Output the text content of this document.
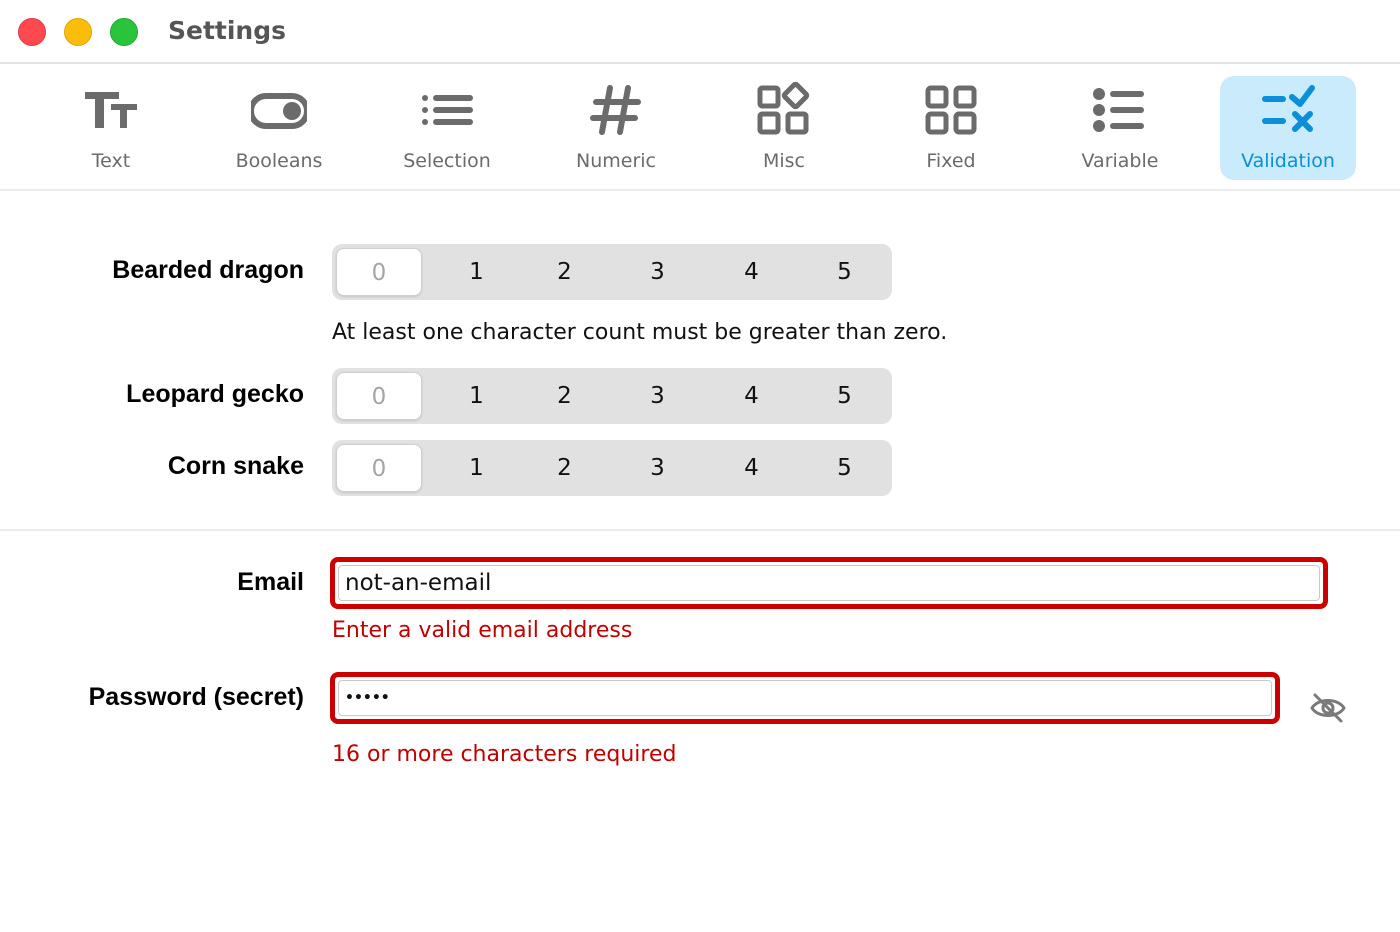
Settings
Text	Booleans	Selection	Numeric	Misc	Fixed	Variable	Validation
Bearded dragon	0	1	2	3	4	5
At least one character count must be greater than zero.
Leopard gecko	0	1	2	3	4	5
Corn snake	0	1	2	3	4	5
Email
not-an-email
Enter a valid email address
Password (secret)
•••••
16 or more characters required
